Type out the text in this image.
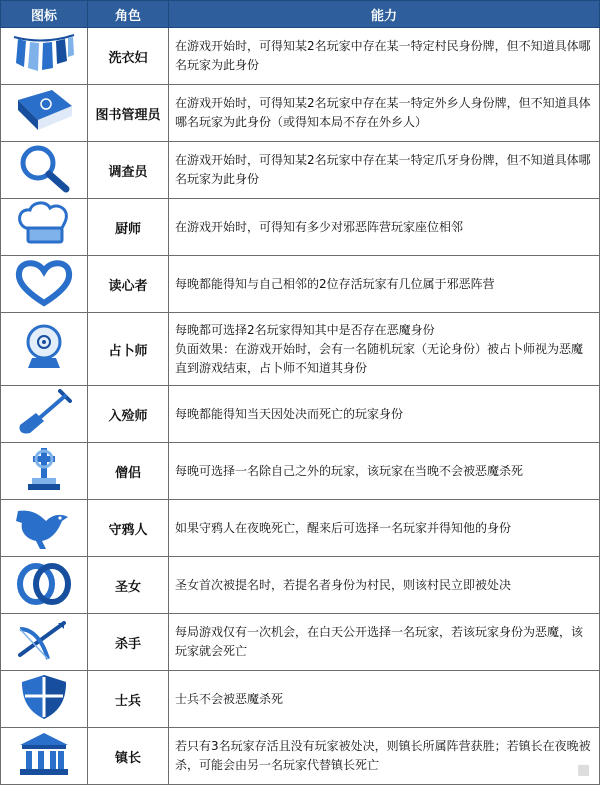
图标	角色	能力
	洗衣妇	在游戏开始时，可得知某2名玩家中存在某一特定村民身份牌，但不知道具体哪名玩家为此身份
	图书管理员	在游戏开始时，可得知某2名玩家中存在某一特定外乡人身份牌，但不知道具体哪名玩家为此身份（或得知本局不存在外乡人）
	调查员	在游戏开始时，可得知某2名玩家中存在某一特定爪牙身份牌，但不知道具体哪名玩家为此身份
	厨师	在游戏开始时，可得知有多少对邪恶阵营玩家座位相邻
	读心者	每晚都能得知与自己相邻的2位存活玩家有几位属于邪恶阵营
	占卜师	每晚都可选择2名玩家得知其中是否存在恶魔身份
负面效果：在游戏开始时，会有一名随机玩家（无论身份）被占卜师视为恶魔直到游戏结束，占卜师不知道其身份
	入殓师	每晚都能得知当天因处决而死亡的玩家身份
	僧侣	每晚可选择一名除自己之外的玩家，该玩家在当晚不会被恶魔杀死
	守鸦人	如果守鸦人在夜晚死亡，醒来后可选择一名玩家并得知他的身份
	圣女	圣女首次被提名时，若提名者身份为村民，则该村民立即被处决
	杀手	每局游戏仅有一次机会，在白天公开选择一名玩家，若该玩家身份为恶魔，该玩家就会死亡
	士兵	士兵不会被恶魔杀死
	镇长	若只有3名玩家存活且没有玩家被处决，则镇长所属阵营获胜；若镇长在夜晚被杀，可能会由另一名玩家代替镇长死亡	▪
